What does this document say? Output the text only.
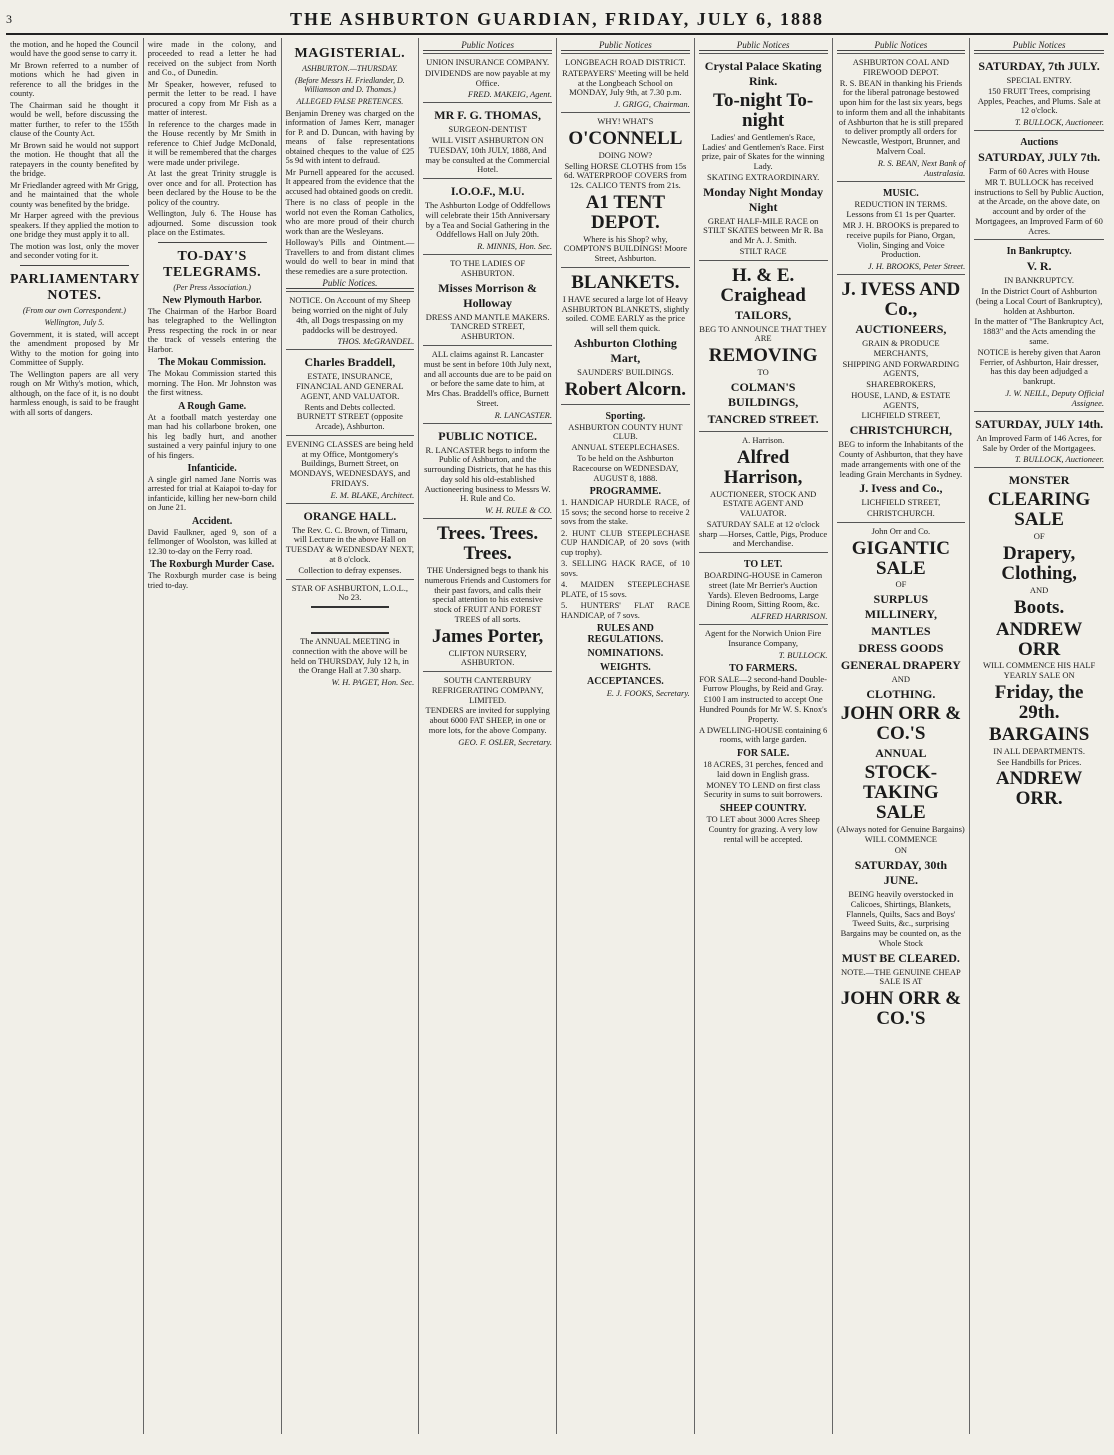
3	THE ASHBURTON GUARDIAN, FRIDAY, JULY 6, 1888

the motion, and he hoped the Council would have the good sense to carry it.

Mr Brown referred to a number of motions which he had given in reference to all the bridges in the county.

The Chairman said he thought it would be well, before discussing the matter further, to refer to the 155th clause of the County Act.

Mr Brown said he would not support the motion. He thought that all the ratepayers in the county benefited by the bridge.

Mr Friedlander agreed with Mr Grigg, and he maintained that the whole county was benefited by the bridge.

Mr Harper agreed with the previous speakers. If they applied the motion to one bridge they must apply it to all.

The motion was lost, only the mover and seconder voting for it.

PARLIAMENTARY NOTES.
(From our own Correspondent.)
Wellington, July 5.

Government, it is stated, will accept the amendment proposed by Mr Withy to the motion for going into Committee of Supply.

The Wellington papers are all very rough on Mr Withy's motion, which, although, on the face of it, is no doubt harmless enough, is said to be fraught with all sorts of dangers.

wire made in the colony, and proceeded to read a letter he had received on the subject from North and Co., of Dunedin.

Mr Speaker, however, refused to permit the letter to be read. I have procured a copy from Mr Fish as a matter of interest.

In reference to the charges made in the House recently by Mr Smith in reference to Chief Judge McDonald, it will be remembered that the charges were made under privilege.

At last the great Trinity struggle is over once and for all. Protection has been declared by the House to be the policy of the country.

Wellington, July 6. The House has adjourned. Some discussion took place on the Estimates.

TO-DAY'S TELEGRAMS.
(Per Press Association.)
New Plymouth Harbor.

The Chairman of the Harbor Board has telegraphed to the Wellington Press respecting the rock in or near the track of vessels entering the Harbor.

The Mokau Commission.

The Mokau Commission started this morning. The Hon. Mr Johnston was the first witness.

A Rough Game.

At a football match yesterday one man had his collarbone broken, one his leg badly hurt, and another sustained a very painful injury to one of his fingers.

Infanticide.

A single girl named Jane Norris was arrested for trial at Kaiapoi to-day for infanticide, killing her new-born child on June 21.

Accident.

David Faulkner, aged 9, son of a fellmonger of Woolston, was killed at 12.30 to-day on the Ferry road.

The Roxburgh Murder Case.

The Roxburgh murder case is being tried to-day.

MAGISTERIAL.
ASHBURTON.—THURSDAY.
(Before Messrs H. Friedlander, D. Williamson and D. Thomas.)
ALLEGED FALSE PRETENCES.

Benjamin Dreney was charged on the information of James Kerr, manager for P. and D. Duncan, with having by means of false representations obtained cheques to the value of £25 5s 9d with intent to defraud.

Mr Purnell appeared for the accused. It appeared from the evidence that the accused had obtained goods on credit.

There is no class of people in the world not even the Roman Catholics, who are more proud of their church work than are the Wesleyans.

Holloway's Pills and Ointment.—Travellers to and from distant climes would do well to bear in mind that these remedies are a sure protection.

Public Notices.
NOTICE. On Account of my Sheep being worried on the night of July 4th, all Dogs trespassing on my paddocks will be destroyed.
THOS. McGRANDEL.
Charles Braddell,
ESTATE, INSURANCE, FINANCIAL AND GENERAL AGENT, AND VALUATOR.
Rents and Debts collected. BURNETT STREET (opposite Arcade), Ashburton.
EVENING CLASSES are being held at my Office, Montgomery's Buildings, Burnett Street, on MONDAYS, WEDNESDAYS, and FRIDAYS.
E. M. BLAKE, Architect.
ORANGE HALL.
The Rev. C. C. Brown, of Timaru, will Lecture in the above Hall on TUESDAY & WEDNESDAY NEXT, at 8 o'clock.
Collection to defray expenses.
STAR OF ASHBURTON, L.O.L., No 23.
The ANNUAL MEETING in connection with the above will be held on THURSDAY, July 12 h, in the Orange Hall at 7.30 sharp.
W. H. PAGET, Hon. Sec.
Public Notices
UNION INSURANCE COMPANY.
DIVIDENDS are now payable at my Office.
FRED. MAKEIG, Agent.
MR F. G. THOMAS,
SURGEON-DENTIST
WILL VISIT ASHBURTON ON TUESDAY, 10th JULY, 1888, And may be consulted at the Commercial Hotel.
I.O.O.F., M.U.
The Ashburton Lodge of Oddfellows will celebrate their 15th Anniversary by a Tea and Social Gathering in the Oddfellows Hall on July 20th.
R. MINNIS, Hon. Sec.
TO THE LADIES OF ASHBURTON.
Misses Morrison & Holloway
DRESS AND MANTLE MAKERS. TANCRED STREET, ASHBURTON.
ALL claims against R. Lancaster must be sent in before 10th July next, and all accounts due are to be paid on or before the same date to him, at Mrs Chas. Braddell's office, Burnett Street.
R. LANCASTER.
PUBLIC NOTICE.
R. LANCASTER begs to inform the Public of Ashburton, and the surrounding Districts, that he has this day sold his old-established Auctioneering business to Messrs W. H. Rule and Co.
W. H. RULE & CO.
Trees. Trees. Trees.
THE Undersigned begs to thank his numerous Friends and Customers for their past favors, and calls their special attention to his extensive stock of FRUIT AND FOREST TREES of all sorts.
James Porter,
CLIFTON NURSERY, ASHBURTON.
SOUTH CANTERBURY REFRIGERATING COMPANY, LIMITED.
TENDERS are invited for supplying about 6000 FAT SHEEP, in one or more lots, for the above Company.
GEO. F. OSLER, Secretary.
Public Notices
LONGBEACH ROAD DISTRICT.
RATEPAYERS' Meeting will be held at the Longbeach School on MONDAY, July 9th, at 7.30 p.m.
J. GRIGG, Chairman.
WHY! WHAT'S
O'CONNELL
DOING NOW?
Selling HORSE CLOTHS from 15s 6d. WATERPROOF COVERS from 12s. CALICO TENTS from 21s.
A1 TENT DEPOT.
Where is his Shop? why, COMPTON'S BUILDINGS! Moore Street, Ashburton.
BLANKETS.
I HAVE secured a large lot of Heavy ASHBURTON BLANKETS, slightly soiled. COME EARLY as the price will sell them quick.
Ashburton Clothing Mart,
SAUNDERS' BUILDINGS.
Robert Alcorn.
Sporting.
ASHBURTON COUNTY HUNT CLUB.
ANNUAL STEEPLECHASES.
To be held on the Ashburton Racecourse on WEDNESDAY, AUGUST 8, 1888.
PROGRAMME.

1. HANDICAP HURDLE RACE, of 15 sovs; the second horse to receive 2 sovs from the stake.

2. HUNT CLUB STEEPLECHASE CUP HANDICAP, of 20 sovs (with cup trophy).

3. SELLING HACK RACE, of 10 sovs.

4. MAIDEN STEEPLECHASE PLATE, of 15 sovs.

5. HUNTERS' FLAT RACE HANDICAP, of 7 sovs.

RULES AND REGULATIONS.
NOMINATIONS.
WEIGHTS.
ACCEPTANCES.
E. J. FOOKS, Secretary.
Public Notices
Crystal Palace Skating Rink.
To-night To-night
Ladies' and Gentlemen's Race, Ladies' and Gentlemen's Race. First prize, pair of Skates for the winning Lady.
SKATING EXTRAORDINARY.
Monday Night Monday Night
GREAT HALF-MILE RACE on STILT SKATES between Mr R. Ba and Mr A. J. Smith.
STILT RACE
H. & E. Craighead
TAILORS,
BEG TO ANNOUNCE THAT THEY ARE
REMOVING
TO
COLMAN'S BUILDINGS,
TANCRED STREET.
A. Harrison.
Alfred Harrison,
AUCTIONEER, STOCK AND ESTATE AGENT AND VALUATOR.
SATURDAY SALE at 12 o'clock sharp —Horses, Cattle, Pigs, Produce and Merchandise.
TO LET.
BOARDING-HOUSE in Cameron street (late Mr Berrier's Auction Yards). Eleven Bedrooms, Large Dining Room, Sitting Room, &c.
ALFRED HARRISON.
Agent for the Norwich Union Fire Insurance Company,
T. BULLOCK.
TO FARMERS.
FOR SALE—2 second-hand Double-Furrow Ploughs, by Reid and Gray.
£100 I am instructed to accept One Hundred Pounds for Mr W. S. Knox's Property.
A DWELLING-HOUSE containing 6 rooms, with large garden.
FOR SALE.
18 ACRES, 31 perches, fenced and laid down in English grass.
MONEY TO LEND on first class Security in sums to suit borrowers.
SHEEP COUNTRY.
TO LET about 3000 Acres Sheep Country for grazing. A very low rental will be accepted.
Public Notices
ASHBURTON COAL AND FIREWOOD DEPOT.
R. S. BEAN in thanking his Friends for the liberal patronage bestowed upon him for the last six years, begs to inform them and all the inhabitants of Ashburton that he is still prepared to deliver promptly all orders for Newcastle, Westport, Brunner, and Malvern Coal.
R. S. BEAN, Next Bank of Australasia.
MUSIC.
REDUCTION IN TERMS.
Lessons from £1 1s per Quarter.
MR J. H. BROOKS is prepared to receive pupils for Piano, Organ, Violin, Singing and Voice Production.
J. H. BROOKS, Peter Street.
J. IVESS AND Co.,
AUCTIONEERS,
GRAIN & PRODUCE MERCHANTS,
SHIPPING AND FORWARDING AGENTS,
SHAREBROKERS,
HOUSE, LAND, & ESTATE AGENTS,
LICHFIELD STREET,
CHRISTCHURCH,
BEG to inform the Inhabitants of the County of Ashburton, that they have made arrangements with one of the leading Grain Merchants in Sydney.
J. Ivess and Co.,
LICHFIELD STREET,
CHRISTCHURCH.
John Orr and Co.
GIGANTIC SALE
OF
SURPLUS MILLINERY,
MANTLES
DRESS GOODS
GENERAL DRAPERY
AND
CLOTHING.
JOHN ORR & CO.'S
ANNUAL
STOCK-TAKING SALE
(Always noted for Genuine Bargains)
WILL COMMENCE
ON
SATURDAY, 30th JUNE.
BEING heavily overstocked in Calicoes, Shirtings, Blankets, Flannels, Quilts, Sacs and Boys' Tweed Suits, &c., surprising Bargains may be counted on, as the Whole Stock
MUST BE CLEARED.
NOTE.—THE GENUINE CHEAP SALE IS AT
JOHN ORR & CO.'S
Public Notices
SATURDAY, 7th JULY.
SPECIAL ENTRY.
150 FRUIT Trees, comprising Apples, Peaches, and Plums. Sale at 12 o'clock.
T. BULLOCK, Auctioneer.
Auctions
SATURDAY, JULY 7th.
Farm of 60 Acres with House
MR T. BULLOCK has received instructions to Sell by Public Auction, at the Arcade, on the above date, on account and by order of the Mortgagees, an Improved Farm of 60 Acres.
In Bankruptcy.
V. R.
IN BANKRUPTCY.
In the District Court of Ashburton (being a Local Court of Bankruptcy), holden at Ashburton.
In the matter of "The Bankruptcy Act, 1883" and the Acts amending the same.
NOTICE is hereby given that Aaron Ferrier, of Ashburton, Hair dresser, has this day been adjudged a bankrupt.
J. W. NEILL, Deputy Official Assignee.
SATURDAY, JULY 14th.
An Improved Farm of 146 Acres, for Sale by Order of the Mortgagees.
T. BULLOCK, Auctioneer.
MONSTER
CLEARING SALE
OF
Drapery, Clothing,
AND
Boots.
ANDREW ORR
WILL COMMENCE HIS HALF YEARLY SALE ON
Friday, the 29th.
BARGAINS
IN ALL DEPARTMENTS.
See Handbills for Prices.
ANDREW ORR.
